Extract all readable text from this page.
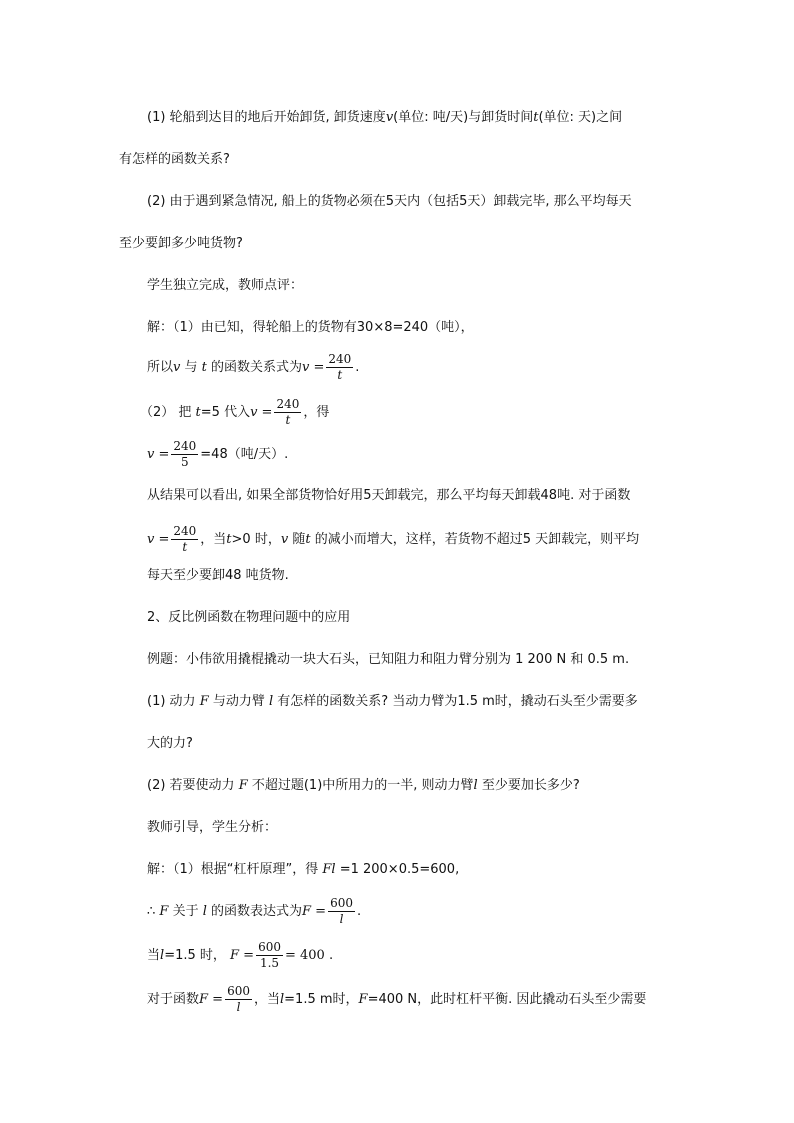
(1) 轮船到达目的地后开始卸货, 卸货速度v(单位: 吨/天)与卸货时间t(单位: 天)之间
有怎样的函数关系?
(2) 由于遇到紧急情况, 船上的货物必须在5天内（包括5天）卸载完毕, 那么平均每天
至少要卸多少吨货物?
学生独立完成，教师点评：
解：（1）由已知，得轮船上的货物有30×8=240（吨），
所以v 与 t 的函数关系式为$v = \frac{240}{t}$ .
（2） 把 t=5 代入$v = \frac{240}{t}$ ，得
$v = \frac{240}{5} =48$（吨/天）.
从结果可以看出, 如果全部货物恰好用5天卸载完，那么平均每天卸载48吨. 对于函数
$v = \frac{240}{t}$ ，当t>0 时，v 随t 的减小而增大，这样，若货物不超过5 天卸载完，则平均
每天至少要卸48 吨货物.
2、反比例函数在物理问题中的应用
例题：小伟欲用撬棍撬动一块大石头，已知阻力和阻力臂分别为 1 200 N 和 0.5 m.
(1) 动力 F 与动力臂 l 有怎样的函数关系? 当动力臂为1.5 m时，撬动石头至少需要多
大的力?
(2) 若要使动力 F 不超过题(1)中所用力的一半, 则动力臂l 至少要加长多少?
教师引导，学生分析：
解：（1）根据“杠杆原理”，得 Fl =1 200×0.5=600,
∴ F 关于 l 的函数表达式为$F = \frac{600}{l}$ .
当l=1.5 时， $F = \frac{600}{1.5} = 400$ .
对于函数$F = \frac{600}{l}$ ，当l=1.5 m时，F=400 N，此时杠杆平衡. 因此撬动石头至少需要
